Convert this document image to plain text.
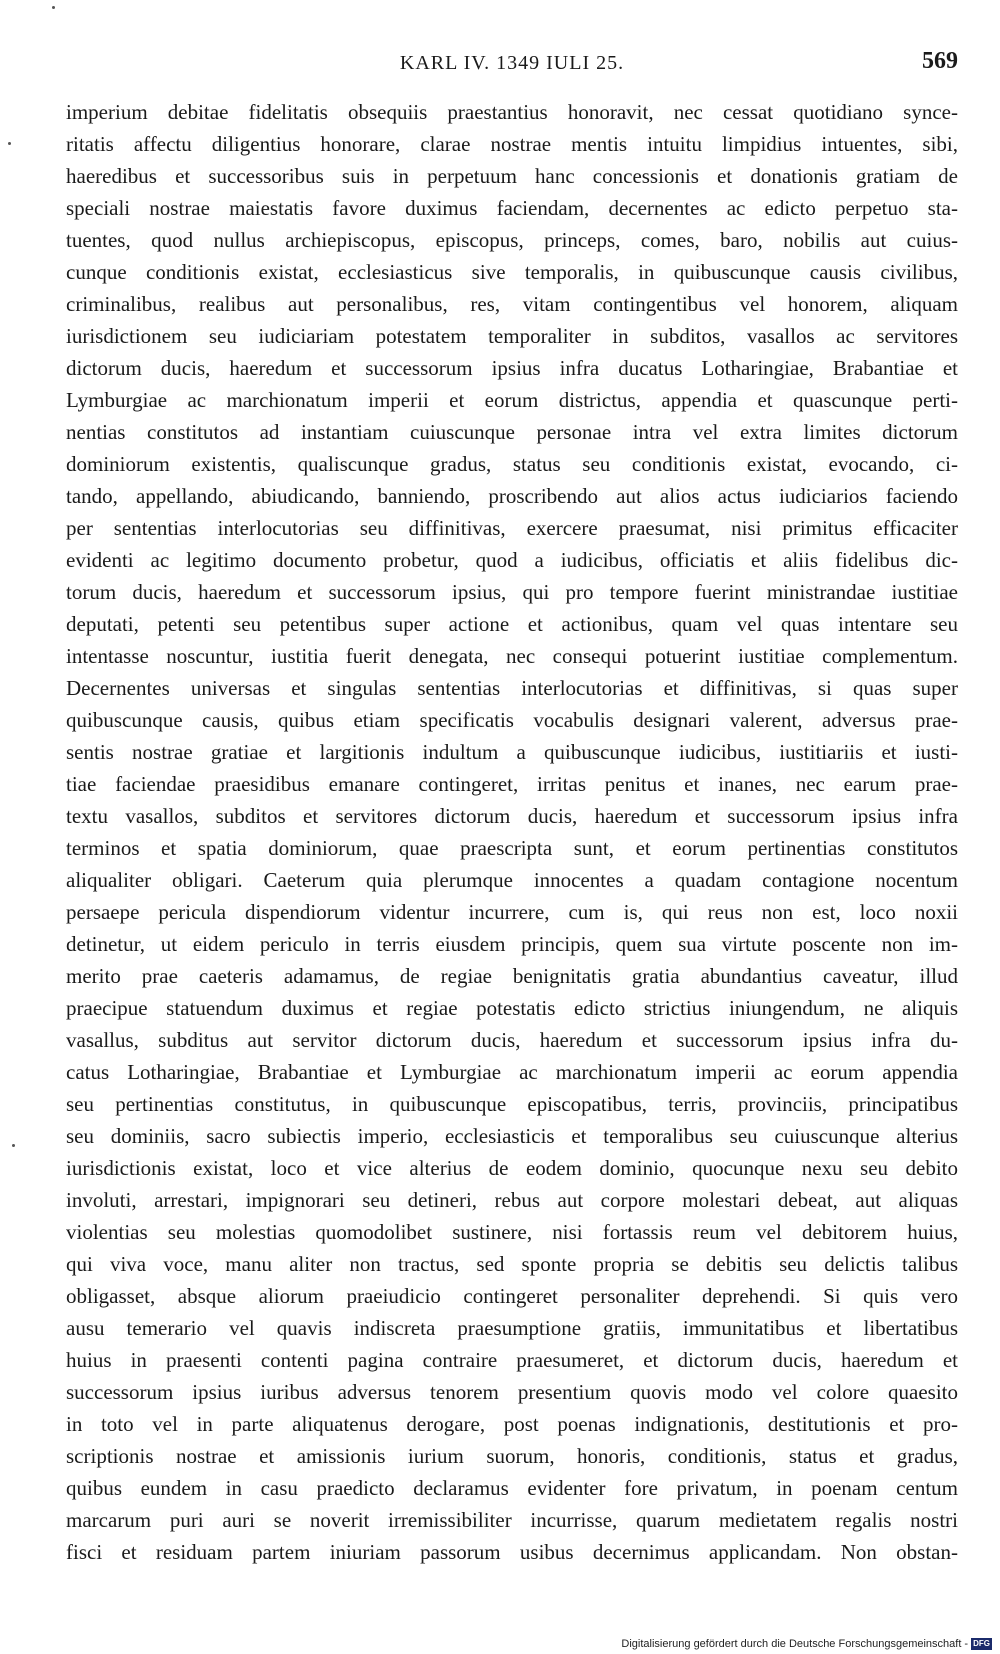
KARL IV. 1349 IULI 25.	569
imperium debitae fidelitatis obsequiis praestantius honoravit, nec cessat quotidiano synce-
ritatis affectu diligentius honorare, clarae nostrae mentis intuitu limpidius intuentes, sibi,
haeredibus et successoribus suis in perpetuum hanc concessionis et donationis gratiam de
speciali nostrae maiestatis favore duximus faciendam, decernentes ac edicto perpetuo sta-
tuentes, quod nullus archiepiscopus, episcopus, princeps, comes, baro, nobilis aut cuius-
cunque conditionis existat, ecclesiasticus sive temporalis, in quibuscunque causis civilibus,
criminalibus, realibus aut personalibus, res, vitam contingentibus vel honorem, aliquam
iurisdictionem seu iudiciariam potestatem temporaliter in subditos, vasallos ac servitores
dictorum ducis, haeredum et successorum ipsius infra ducatus Lotharingiae, Brabantiae et
Lymburgiae ac marchionatum imperii et eorum districtus, appendia et quascunque perti-
nentias constitutos ad instantiam cuiuscunque personae intra vel extra limites dictorum
dominiorum existentis, qualiscunque gradus, status seu conditionis existat, evocando, ci-
tando, appellando, abiudicando, banniendo, proscribendo aut alios actus iudiciarios faciendo
per sententias interlocutorias seu diffinitivas, exercere praesumat, nisi primitus efficaciter
evidenti ac legitimo documento probetur, quod a iudicibus, officiatis et aliis fidelibus dic-
torum ducis, haeredum et successorum ipsius, qui pro tempore fuerint ministrandae iustitiae
deputati, petenti seu petentibus super actione et actionibus, quam vel quas intentare seu
intentasse noscuntur, iustitia fuerit denegata, nec consequi potuerint iustitiae complementum.
Decernentes universas et singulas sententias interlocutorias et diffinitivas, si quas super
quibuscunque causis, quibus etiam specificatis vocabulis designari valerent, adversus prae-
sentis nostrae gratiae et largitionis indultum a quibuscunque iudicibus, iustitiariis et iusti-
tiae faciendae praesidibus emanare contingeret, irritas penitus et inanes, nec earum prae-
textu vasallos, subditos et servitores dictorum ducis, haeredum et successorum ipsius infra
terminos et spatia dominiorum, quae praescripta sunt, et eorum pertinentias constitutos
aliqualiter obligari. Caeterum quia plerumque innocentes a quadam contagione nocentum
persaepe pericula dispendiorum videntur incurrere, cum is, qui reus non est, loco noxii
detinetur, ut eidem periculo in terris eiusdem principis, quem sua virtute poscente non im-
merito prae caeteris adamamus, de regiae benignitatis gratia abundantius caveatur, illud
praecipue statuendum duximus et regiae potestatis edicto strictius iniungendum, ne aliquis
vasallus, subditus aut servitor dictorum ducis, haeredum et successorum ipsius infra du-
catus Lotharingiae, Brabantiae et Lymburgiae ac marchionatum imperii ac eorum appendia
seu pertinentias constitutus, in quibuscunque episcopatibus, terris, provinciis, principatibus
seu dominiis, sacro subiectis imperio, ecclesiasticis et temporalibus seu cuiuscunque alterius
iurisdictionis existat, loco et vice alterius de eodem dominio, quocunque nexu seu debito
involuti, arrestari, impignorari seu detineri, rebus aut corpore molestari debeat, aut aliquas
violentias seu molestias quomodolibet sustinere, nisi fortassis reum vel debitorem huius,
qui viva voce, manu aliter non tractus, sed sponte propria se debitis seu delictis talibus
obligasset, absque aliorum praeiudicio contingeret personaliter deprehendi. Si quis vero
ausu temerario vel quavis indiscreta praesumptione gratiis, immunitatibus et libertatibus
huius in praesenti contenti pagina contraire praesumeret, et dictorum ducis, haeredum et
successorum ipsius iuribus adversus tenorem presentium quovis modo vel colore quaesito
in toto vel in parte aliquatenus derogare, post poenas indignationis, destitutionis et pro-
scriptionis nostrae et amissionis iurium suorum, honoris, conditionis, status et gradus,
quibus eundem in casu praedicto declaramus evidenter fore privatum, in poenam centum
marcarum puri auri se noverit irremissibiliter incurrisse, quarum medietatem regalis nostri
fisci et residuam partem iniuriam passorum usibus decernimus applicandam. Non obstan-
Digitalisierung gefördert durch die Deutsche Forschungsgemeinschaft - DFG
